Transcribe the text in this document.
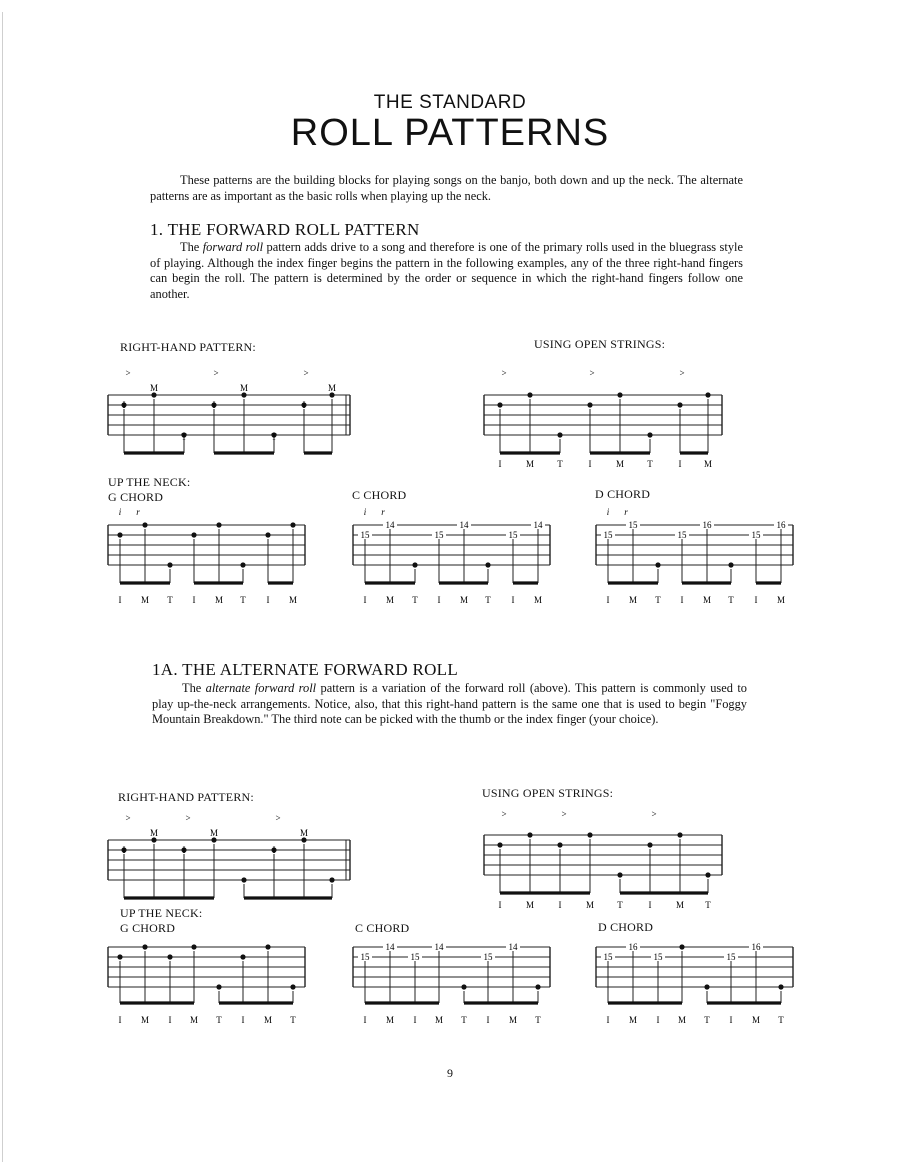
THE STANDARD
ROLL PATTERNS

These patterns are the building blocks for playing songs on the banjo, both down and up the neck. The alternate patterns are as important as the basic rolls when playing up the neck.

1. THE FORWARD ROLL PATTERN

The forward roll pattern adds drive to a song and therefore is one of the primary rolls used in the bluegrass style of playing. Although the index finger begins the pattern in the following examples, any of the three right-hand fingers can begin the roll. The pattern is determined by the order or sequence in which the right-hand fingers follow one another.

RIGHT-HAND PATTERN:	USING OPEN STRINGS:
UP THE NECK:
G CHORD	C CHORD	D CHORD
>	>	>
I
M
T
I
M
T
I
M
>	>	>
I	M	T	I	M	T	I M
I M T I M T I M
i r
15
14
15
14
15
14
I M T I M T I M
i r
15
15
15
16
15
16
I M T I M T I M
i r
1A. THE ALTERNATE FORWARD ROLL

The alternate forward roll pattern is a variation of the forward roll (above). This pattern is commonly used to play up-the-neck arrangements. Notice, also, that this right-hand pattern is the same one that is used to begin "Foggy Mountain Breakdown." The third note can be picked with the thumb or the index finger (your choice).

RIGHT-HAND PATTERN:	USING OPEN STRINGS:
UP THE NECK:
G CHORD	C CHORD	D CHORD
>	>	>
I
M
I
M
I
M
>	>	>
I	M	I	M	T	I	M T
I M I M T I M T
15
14
15
14
15
14
I M I M T I M T
15
16
15	15
16
I M I M T I M T
9
